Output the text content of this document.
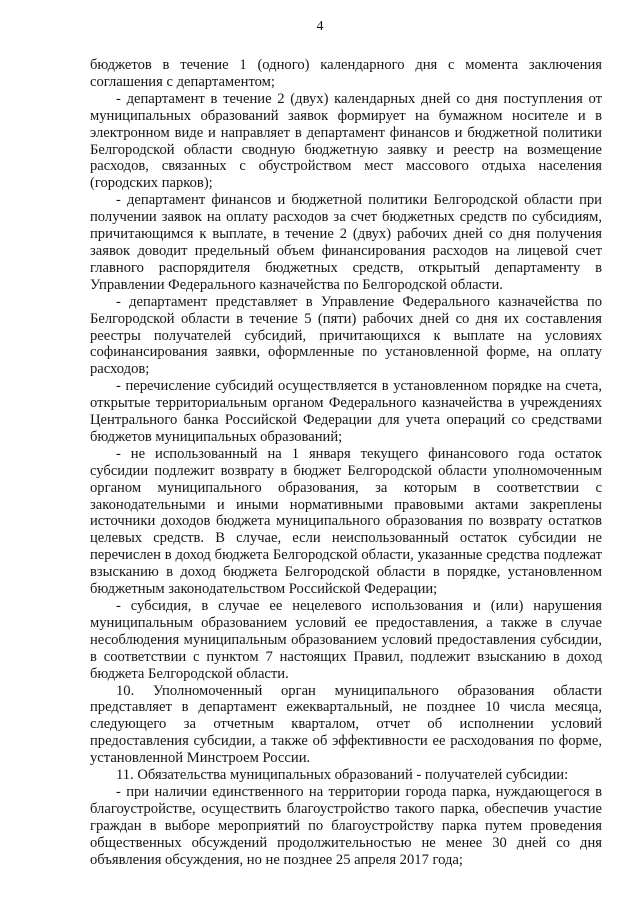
4

бюджетов в течение 1 (одного) календарного дня с момента заключения соглашения с департаментом;

- департамент в течение 2 (двух) календарных дней со дня поступления от муниципальных образований заявок формирует на бумажном носителе и в электронном виде и направляет в департамент финансов и бюджетной политики Белгородской области сводную бюджетную заявку и реестр на возмещение расходов, связанных с обустройством мест массового отдыха населения (городских парков);

- департамент финансов и бюджетной политики Белгородской области при получении заявок на оплату расходов за счет бюджетных средств по субсидиям, причитающимся к выплате, в течение 2 (двух) рабочих дней со дня получения заявок доводит предельный объем финансирования расходов на лицевой счет главного распорядителя бюджетных средств, открытый департаменту в Управлении Федерального казначейства по Белгородской области.

- департамент представляет в Управление Федерального казначейства по Белгородской области в течение 5 (пяти) рабочих дней со дня их составления реестры получателей субсидий, причитающихся к выплате на условиях софинансирования заявки, оформленные по установленной форме, на оплату расходов;

- перечисление субсидий осуществляется в установленном порядке на счета, открытые территориальным органом Федерального казначейства в учреждениях Центрального банка Российской Федерации для учета операций со средствами бюджетов муниципальных образований;

- не использованный на 1 января текущего финансового года остаток субсидии подлежит возврату в бюджет Белгородской области уполномоченным органом муниципального образования, за которым в соответствии с законодательными и иными нормативными правовыми актами закреплены источники доходов бюджета муниципального образования по возврату остатков целевых средств. В случае, если неиспользованный остаток субсидии не перечислен в доход бюджета Белгородской области, указанные средства подлежат взысканию в доход бюджета Белгородской области в порядке, установленном бюджетным законодательством Российской Федерации;

- субсидия, в случае ее нецелевого использования и (или) нарушения муниципальным образованием условий ее предоставления, а также в случае несоблюдения муниципальным образованием условий предоставления субсидии, в соответствии с пунктом 7 настоящих Правил, подлежит взысканию в доход бюджета Белгородской области.

10. Уполномоченный орган муниципального образования области представляет в департамент ежеквартальный, не позднее 10 числа месяца, следующего за отчетным кварталом, отчет об исполнении условий предоставления субсидии, а также об эффективности ее расходования по форме, установленной Минстроем России.

11. Обязательства муниципальных образований - получателей субсидии:

- при наличии единственного на территории города парка, нуждающегося в благоустройстве, осуществить благоустройство такого парка, обеспечив участие граждан в выборе мероприятий по благоустройству парка путем проведения общественных обсуждений продолжительностью не менее 30 дней со дня объявления обсуждения, но не позднее 25 апреля 2017 года;
